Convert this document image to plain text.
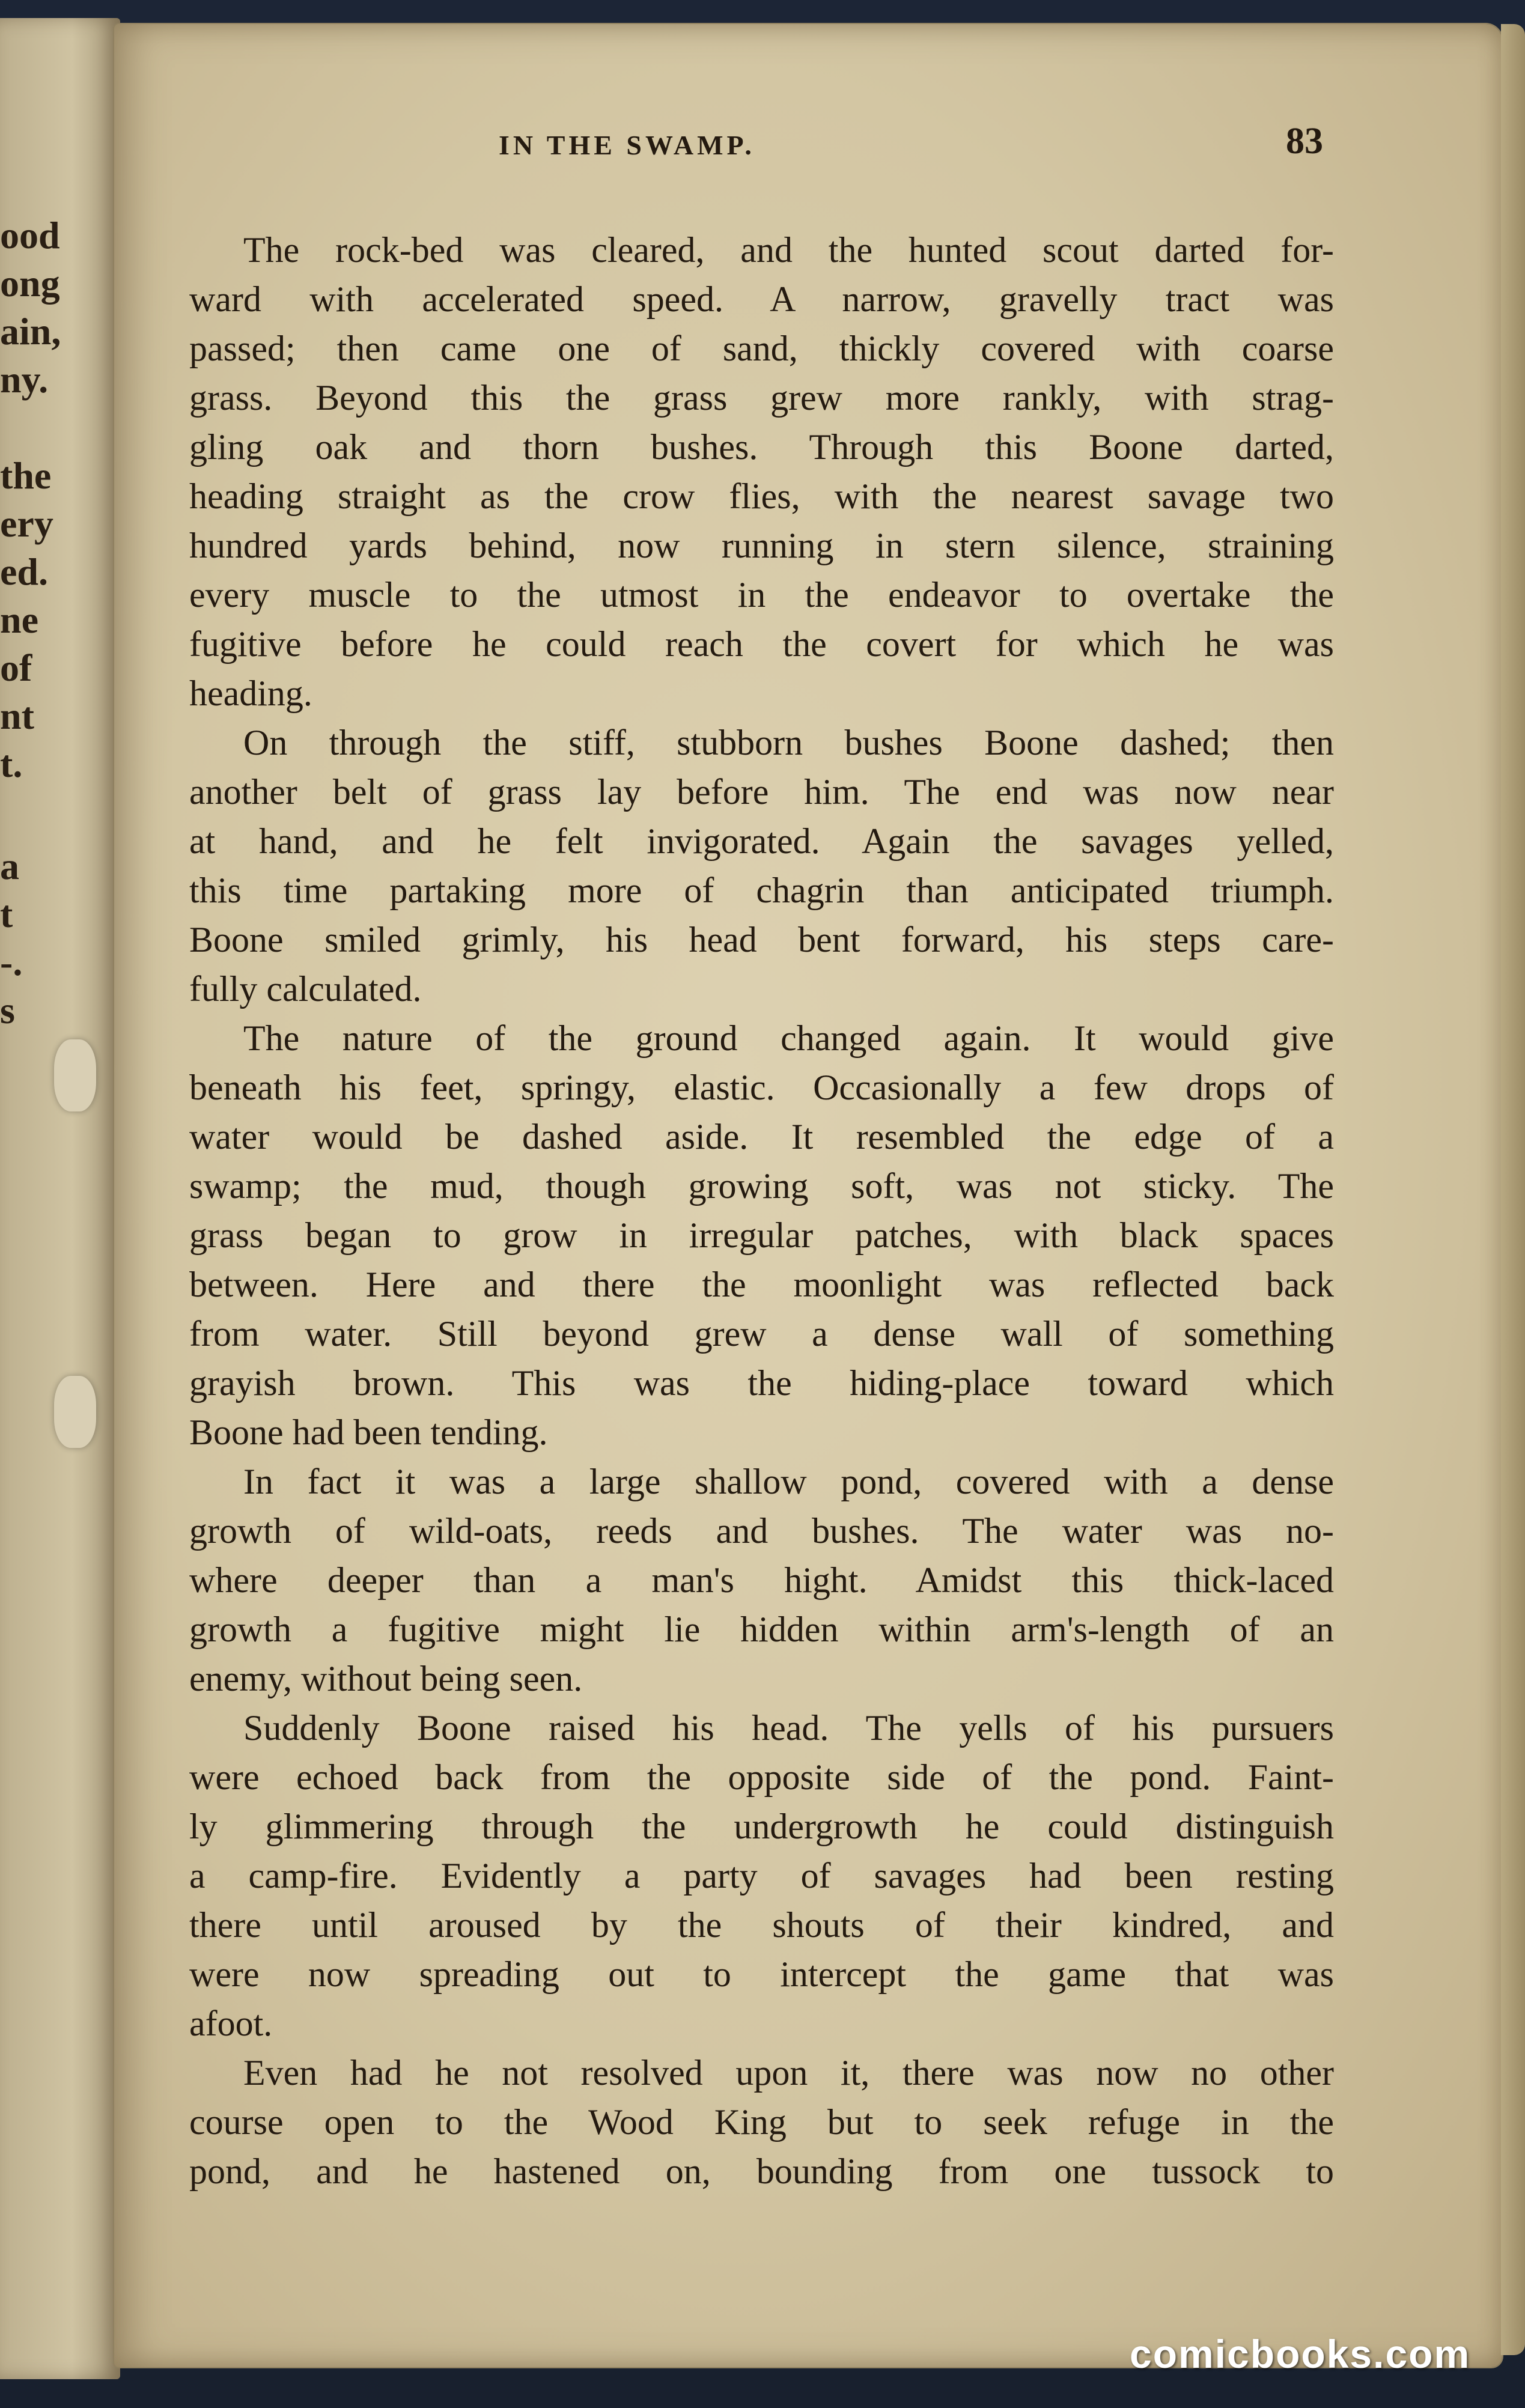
ood
ong
ain,
ny.
the
ery
ed.
ne
of
nt
t.
a
t
-.
s
IN THE SWAMP.	83
The rock-bed was cleared, and the hunted scout darted for-
ward with accelerated speed. A narrow, gravelly tract was
passed; then came one of sand, thickly covered with coarse
grass. Beyond this the grass grew more rankly, with strag-
gling oak and thorn bushes. Through this Boone darted,
heading straight as the crow flies, with the nearest savage two
hundred yards behind, now running in stern silence, straining
every muscle to the utmost in the endeavor to overtake the
fugitive before he could reach the covert for which he was
heading.
On through the stiff, stubborn bushes Boone dashed; then
another belt of grass lay before him. The end was now near
at hand, and he felt invigorated. Again the savages yelled,
this time partaking more of chagrin than anticipated triumph.
Boone smiled grimly, his head bent forward, his steps care-
fully calculated.
The nature of the ground changed again. It would give
beneath his feet, springy, elastic. Occasionally a few drops of
water would be dashed aside. It resembled the edge of a
swamp; the mud, though growing soft, was not sticky. The
grass began to grow in irregular patches, with black spaces
between. Here and there the moonlight was reflected back
from water. Still beyond grew a dense wall of something
grayish brown. This was the hiding-place toward which
Boone had been tending.
In fact it was a large shallow pond, covered with a dense
growth of wild-oats, reeds and bushes. The water was no-
where deeper than a man's hight. Amidst this thick-laced
growth a fugitive might lie hidden within arm's-length of an
enemy, without being seen.
Suddenly Boone raised his head. The yells of his pursuers
were echoed back from the opposite side of the pond. Faint-
ly glimmering through the undergrowth he could distinguish
a camp-fire. Evidently a party of savages had been resting
there until aroused by the shouts of their kindred, and
were now spreading out to intercept the game that was
afoot.
Even had he not resolved upon it, there was now no other
course open to the Wood King but to seek refuge in the
pond, and he hastened on, bounding from one tussock to
comicbooks.com
